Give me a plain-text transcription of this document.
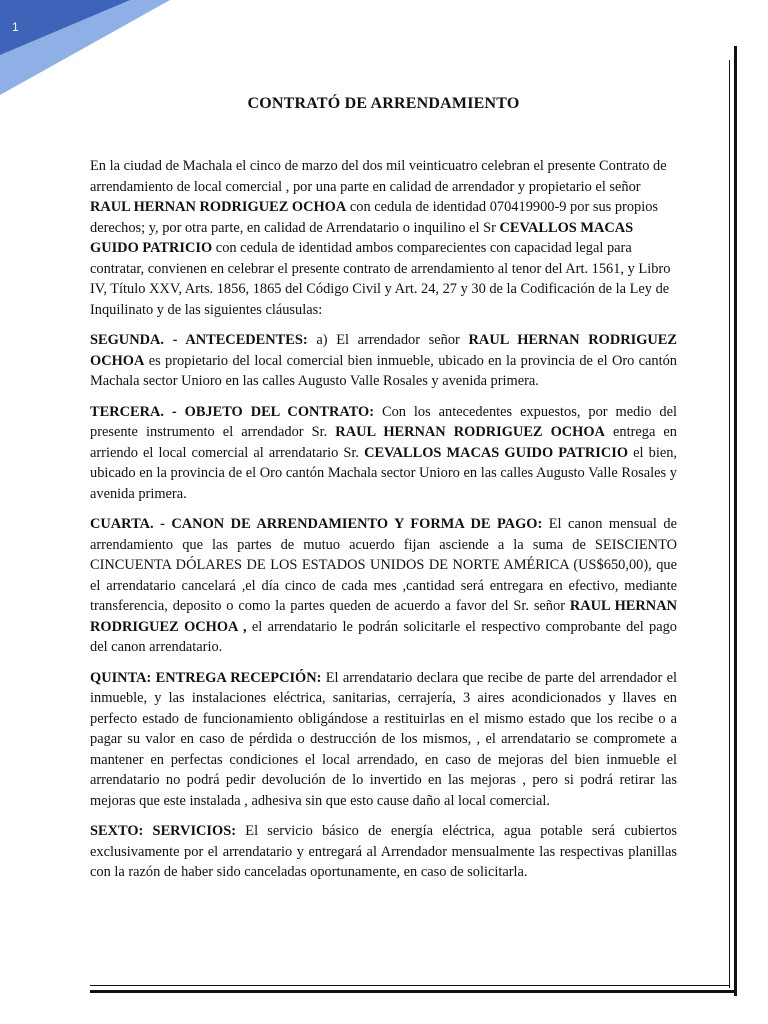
1
CONTRATÓ DE ARRENDAMIENTO

En la ciudad de Machala el cinco de marzo del dos mil veinticuatro celebran el presente Contrato de arrendamiento de local comercial , por una parte en calidad de arrendador y propietario el señor RAUL HERNAN RODRIGUEZ OCHOA con cedula de identidad 070419900-9 por sus propios derechos; y, por otra parte, en calidad de Arrendatario o inquilino el Sr CEVALLOS MACAS GUIDO PATRICIO con cedula de identidad ambos comparecientes con capacidad legal para contratar, convienen en celebrar el presente contrato de arrendamiento al tenor del Art. 1561, y Libro IV, Título XXV, Arts. 1856, 1865 del Código Civil y Art. 24, 27 y 30 de la Codificación de la Ley de Inquilinato y de las siguientes cláusulas:

SEGUNDA. - ANTECEDENTES: a) El arrendador señor RAUL HERNAN RODRIGUEZ OCHOA es propietario del local comercial bien inmueble, ubicado en la provincia de el Oro cantón Machala sector Unioro en las calles Augusto Valle Rosales y avenida primera.

TERCERA. - OBJETO DEL CONTRATO: Con los antecedentes expuestos, por medio del presente instrumento el arrendador Sr. RAUL HERNAN RODRIGUEZ OCHOA entrega en arriendo el local comercial al arrendatario Sr. CEVALLOS MACAS GUIDO PATRICIO el bien, ubicado en la provincia de el Oro cantón Machala sector Unioro en las calles Augusto Valle Rosales y avenida primera.

CUARTA. - CANON DE ARRENDAMIENTO Y FORMA DE PAGO: El canon mensual de arrendamiento que las partes de mutuo acuerdo fijan asciende a la suma de SEISCIENTO CINCUENTA DÓLARES DE LOS ESTADOS UNIDOS DE NORTE AMÉRICA (US$650,00), que el arrendatario cancelará ,el día cinco de cada mes ,cantidad será entregara en efectivo, mediante transferencia, deposito o como la partes queden de acuerdo a favor del Sr. señor RAUL HERNAN RODRIGUEZ OCHOA , el arrendatario le podrán solicitarle el respectivo comprobante del pago del canon arrendatario.

QUINTA: ENTREGA RECEPCIÓN: El arrendatario declara que recibe de parte del arrendador el inmueble, y las instalaciones eléctrica, sanitarias, cerrajería, 3 aires acondicionados y llaves en perfecto estado de funcionamiento obligándose a restituirlas en el mismo estado que los recibe o a pagar su valor en caso de pérdida o destrucción de los mismos, , el arrendatario se compromete a mantener en perfectas condiciones el local arrendado, en caso de mejoras del bien inmueble el arrendatario no podrá pedir devolución de lo invertido en las mejoras , pero si podrá retirar las mejoras que este instalada , adhesiva sin que esto cause daño al local comercial.

SEXTO: SERVICIOS: El servicio básico de energía eléctrica, agua potable será cubiertos exclusivamente por el arrendatario y entregará al Arrendador mensualmente las respectivas planillas con la razón de haber sido canceladas oportunamente, en caso de solicitarla.
